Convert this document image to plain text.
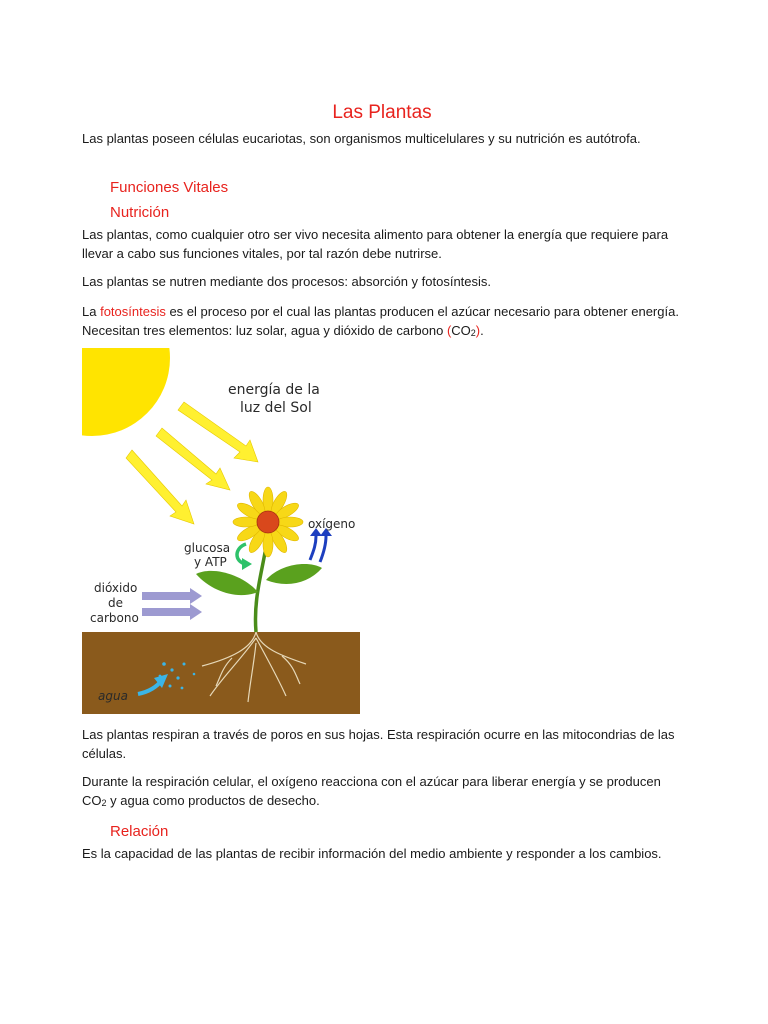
Las Plantas
Las plantas poseen células eucariotas, son organismos multicelulares y su nutrición es autótrofa.
Funciones Vitales
Nutrición
Las plantas, como cualquier otro ser vivo necesita alimento para obtener la energía que requiere para llevar a cabo sus funciones vitales, por tal razón debe nutrirse.
Las plantas se nutren mediante dos procesos: absorción y fotosíntesis.
La fotosíntesis es el proceso por el cual las plantas producen el azúcar necesario para obtener energía. Necesitan tres elementos: luz solar, agua y dióxido de carbono $(CO_2)$.
Las plantas respiran a través de poros en sus hojas. Esta respiración ocurre en las mitocondrias de las células.
Durante la respiración celular, el oxígeno reacciona con el azúcar para liberar energía y se producen $CO_2$ y agua como productos de desecho.
Relación
Es la capacidad de las plantas de recibir información del medio ambiente y responder a los cambios.
energía de la
luz del Sol
agua
glucosa
y ATP
oxígeno
dióxido
de
carbono
